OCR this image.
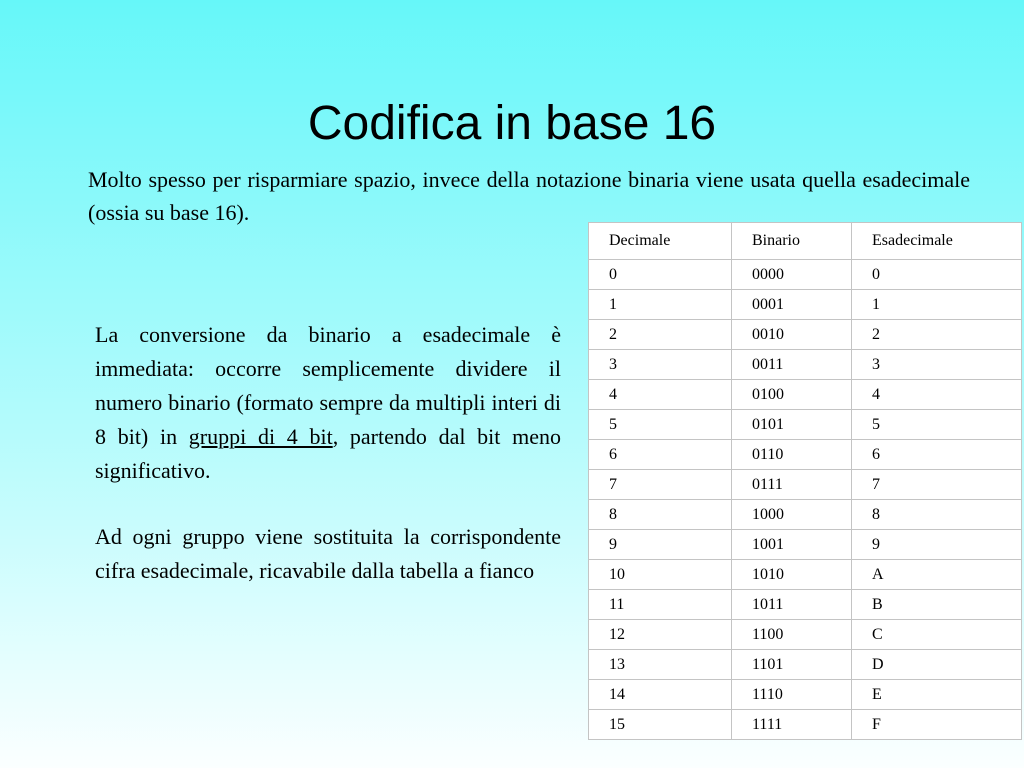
Codifica in base 16

Molto spesso per risparmiare spazio, invece della notazione binaria viene usata quella esadecimale (ossia su base 16).

La conversione da binario a esadecimale è immediata: occorre semplicemente dividere il numero binario (formato sempre da multipli interi di 8 bit) in gruppi di 4 bit, partendo dal bit meno significativo.

Ad ogni gruppo viene sostituita la corrispondente cifra esadecimale, ricavabile dalla tabella a fianco

Decimale	Binario	Esadecimale
0	0000	0
1	0001	1
2	0010	2
3	0011	3
4	0100	4
5	0101	5
6	0110	6
7	0111	7
8	1000	8
9	1001	9
10	1010	A
11	1011	B
12	1100	C
13	1101	D
14	1110	E
15	1111	F
